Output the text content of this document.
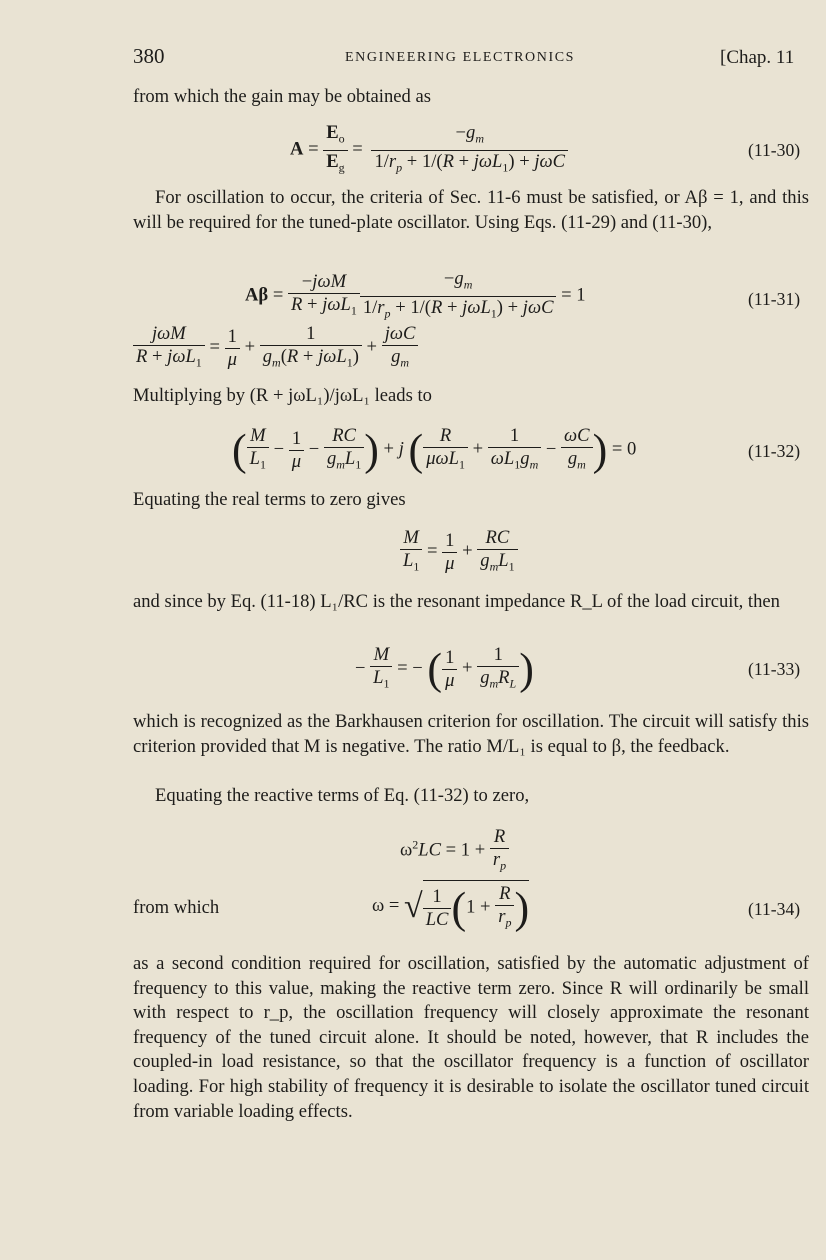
380	ENGINEERING ELECTRONICS	[Chap. 11
from which the gain may be obtained as
$A = \frac{E_o}{E_g} = \frac{-g_m}{1/r_p + 1/(R + j\omega L_1) + j\omega C}$	(11-30)

For oscillation to occur, the criteria of Sec. 11-6 must be satisfied, or Aβ = 1, and this will be required for the tuned-plate oscillator. Using Eqs. (11-29) and (11-30),

$A\beta = \frac{\text{−jωM}}{R + j\omega L_1} \frac{-g_m}{1/r_p + 1/(R + j\omega L_1) + j\omega C} = 1$	(11-31)
$\frac{\text{jωM}}{R + j\omega L_1} = \frac{1}{\mu} + \frac{1}{g_m(R + j\omega L_1)} + \frac{\text{jωC}}{g_m}$
Multiplying by (R + jωL₁)/jωL₁ leads to
( $\frac{M}{L_1} - \frac{1}{\mu} - \frac{RC}{g_mL_1}$ ) + j ( $\frac{R}{\mu\omega L_1} + \frac{1}{\omega L_1g_m} - \frac{\omega C}{g_m}$ ) = 0	(11-32)
Equating the real terms to zero gives
$\frac{M}{L_1} = \frac{1}{\mu} + \frac{RC}{g_mL_1}$

and since by Eq. (11-18) L₁/RC is the resonant impedance R_L of the load circuit, then

− $\frac{M}{L_1}$ = − ( $\frac{1}{\mu} + \frac{1}{g_mR_L}$ )	(11-33)

which is recognized as the Barkhausen criterion for oscillation. The circuit will satisfy this criterion provided that M is negative. The ratio M/L₁ is equal to β, the feedback.

Equating the reactive terms of Eq. (11-32) to zero,
$\omega^2LC = 1 + \frac{R}{r_p}$
from which	ω = √ $\frac{1}{LC} (1 + \frac{R}{r_p}$ )	(11-34)

as a second condition required for oscillation, satisfied by the automatic adjustment of frequency to this value, making the reactive term zero. Since R will ordinarily be small with respect to r_p, the oscillation frequency will closely approximate the resonant frequency of the tuned circuit alone. It should be noted, however, that R includes the coupled-in load resistance, so that the oscillator frequency is a function of oscillator loading. For high stability of frequency it is desirable to isolate the oscillator tuned circuit from variable loading effects.
